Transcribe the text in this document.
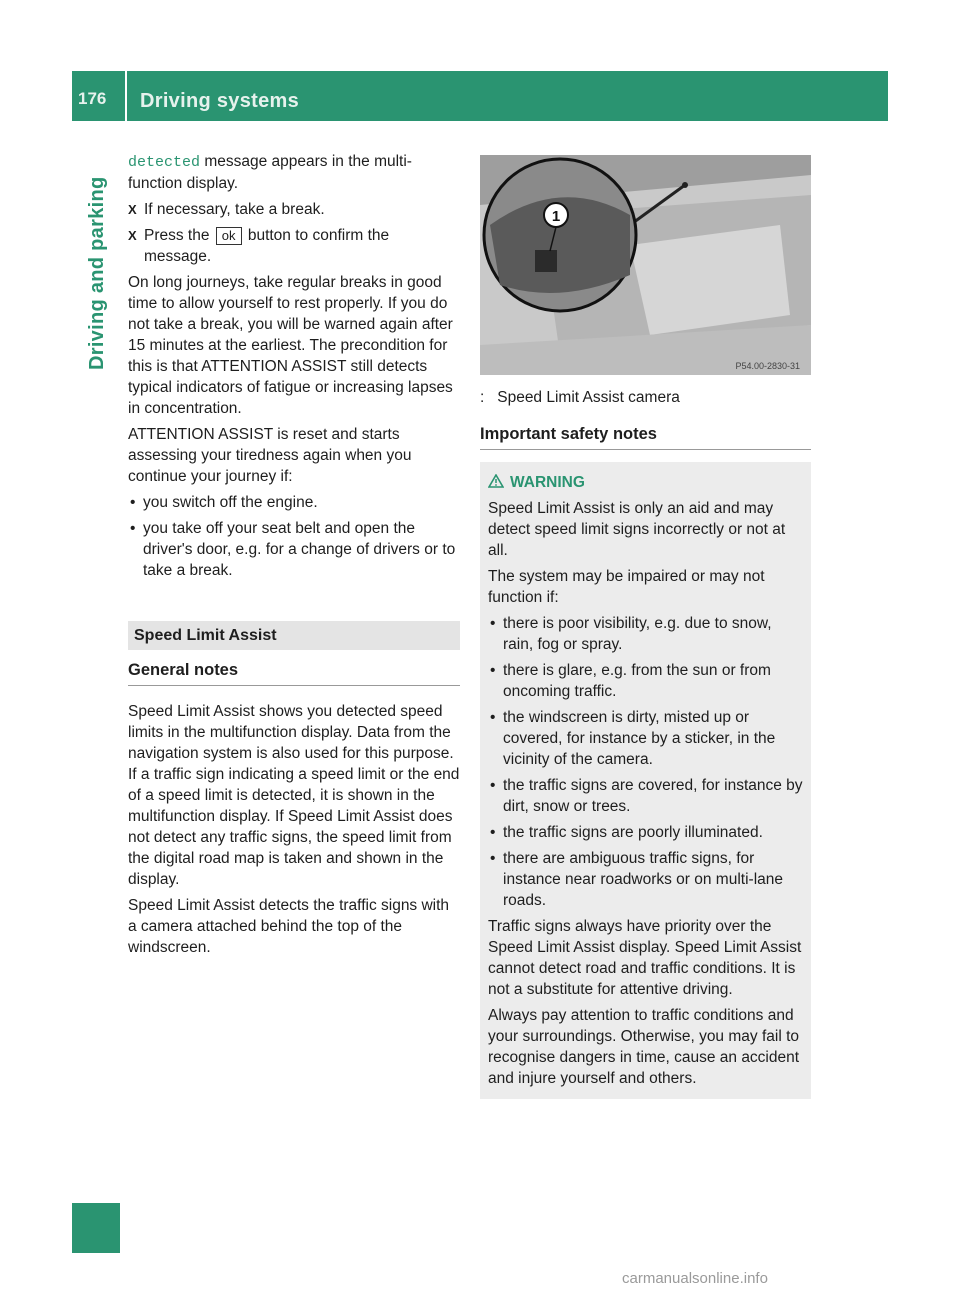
176 Driving systems
Driving and parking

detected message appears in the multi-function display.

X If necessary, take a break.
X Press the ok button to confirm the message.

On long journeys, take regular breaks in good time to allow yourself to rest properly. If you do not take a break, you will be warned again after 15 minutes at the earliest. The precondition for this is that ATTENTION ASSIST still detects typical indicators of fatigue or increasing lapses in concentration.

ATTENTION ASSIST is reset and starts assessing your tiredness again when you continue your journey if:

• you switch off the engine.
• you take off your seat belt and open the driver's door, e.g. for a change of drivers or to take a break.
Speed Limit Assist
General notes

Speed Limit Assist shows you detected speed limits in the multifunction display. Data from the navigation system is also used for this purpose. If a traffic sign indicating a speed limit or the end of a speed limit is detected, it is shown in the multifunction display. If Speed Limit Assist does not detect any traffic signs, the speed limit from the digital road map is taken and shown in the display.

Speed Limit Assist detects the traffic signs with a camera attached behind the top of the windscreen.

1
P54.00-2830-31

: Speed Limit Assist camera

Important safety notes
WARNING

Speed Limit Assist is only an aid and may detect speed limit signs incorrectly or not at all.

The system may be impaired or may not function if:

• there is poor visibility, e.g. due to snow, rain, fog or spray.
• there is glare, e.g. from the sun or from oncoming traffic.
• the windscreen is dirty, misted up or covered, for instance by a sticker, in the vicinity of the camera.
• the traffic signs are covered, for instance by dirt, snow or trees.
• the traffic signs are poorly illuminated.
• there are ambiguous traffic signs, for instance near roadworks or on multi-lane roads.

Traffic signs always have priority over the Speed Limit Assist display. Speed Limit Assist cannot detect road and traffic conditions. It is not a substitute for attentive driving.

Always pay attention to traffic conditions and your surroundings. Otherwise, you may fail to recognise dangers in time, cause an accident and injure yourself and others.

carmanualsonline.info
